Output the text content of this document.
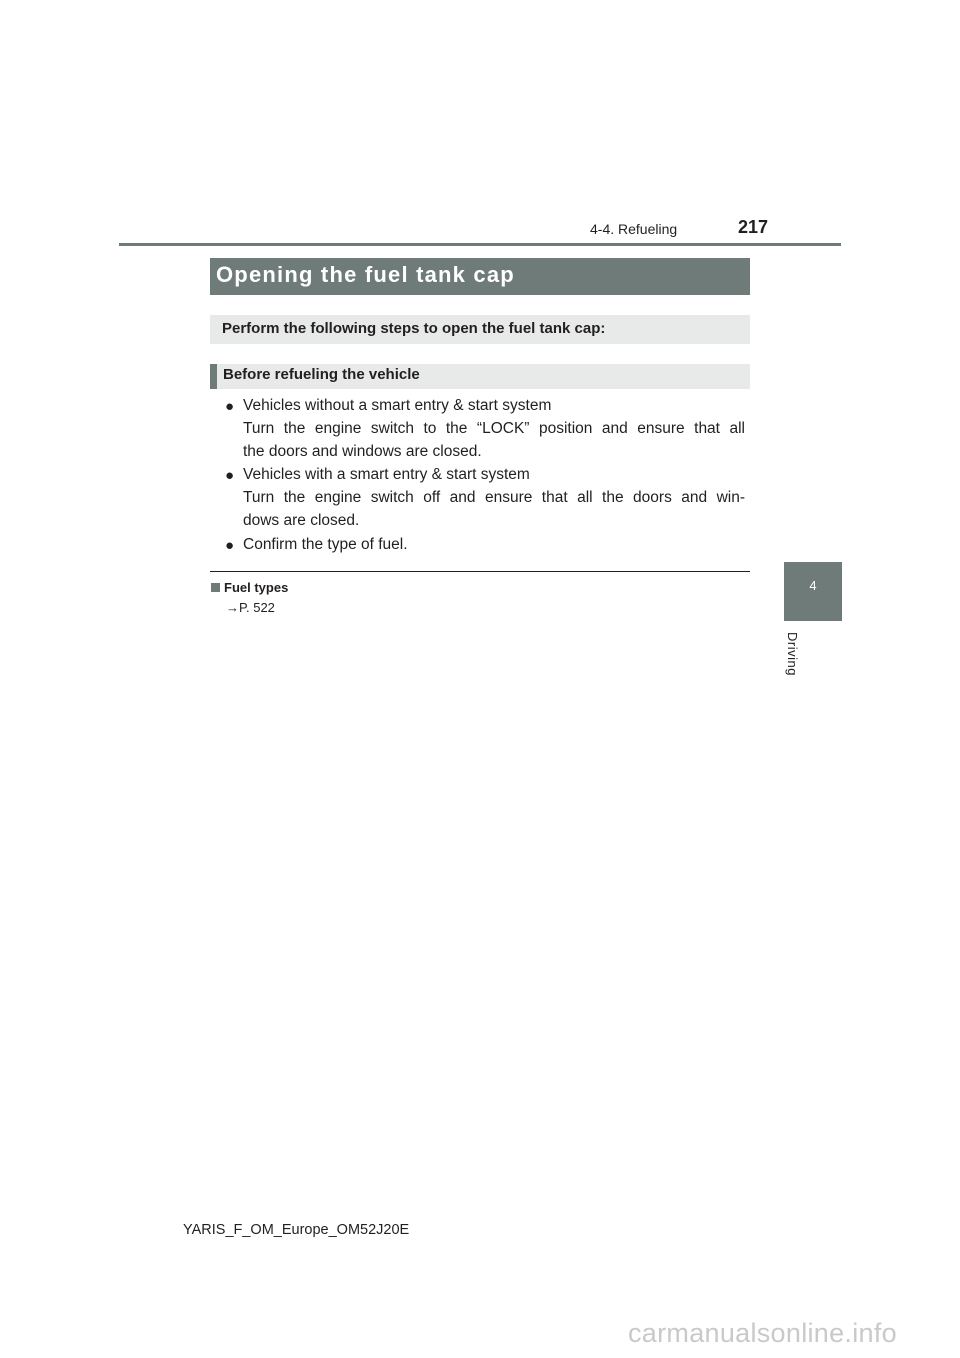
4-4. Refueling	217
4
Driving
Opening the fuel tank cap
Perform the following steps to open the fuel tank cap:
Before refueling the vehicle
● Vehicles without a smart entry & start system
Turn the engine switch to the “LOCK” position and ensure that all
the doors and windows are closed.
● Vehicles with a smart entry & start system
Turn the engine switch off and ensure that all the doors and win-
dows are closed.
● Confirm the type of fuel.
Fuel types
→P. 522
YARIS_F_OM_Europe_OM52J20E
carmanualsonline.info
